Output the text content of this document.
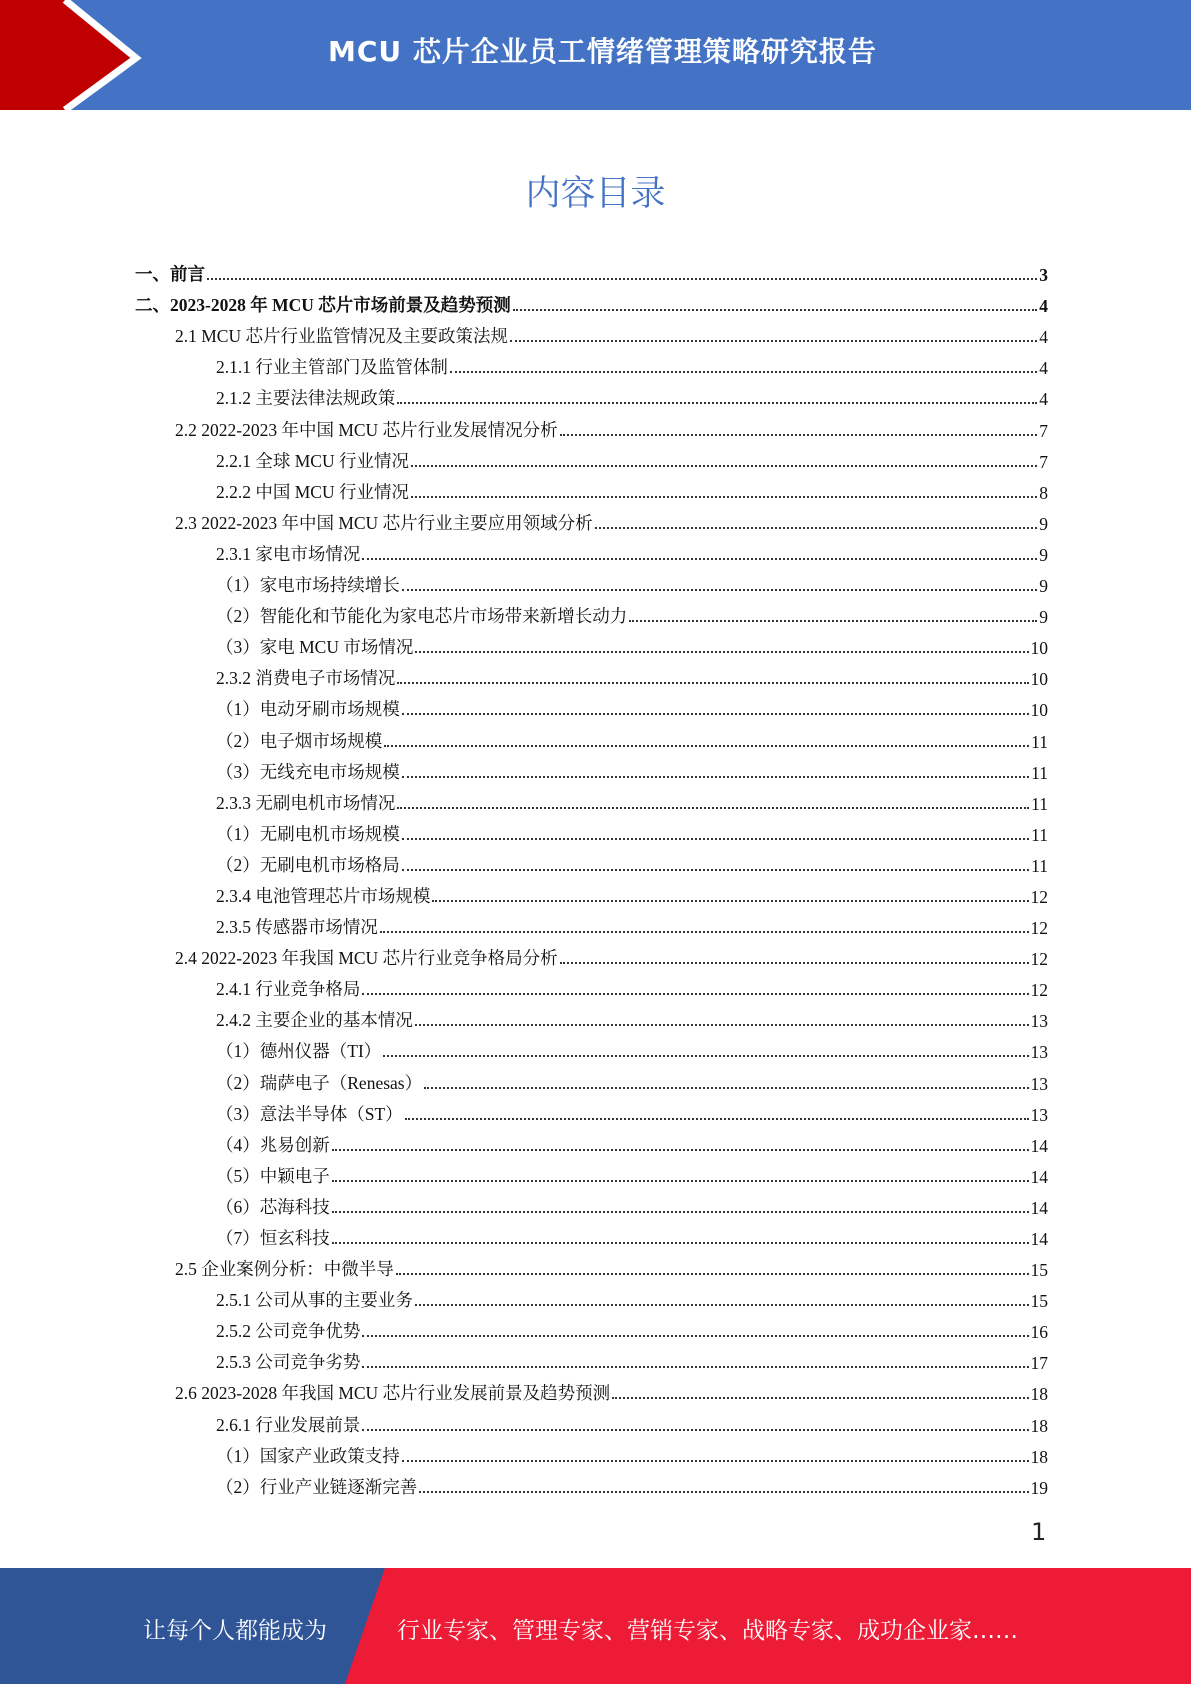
MCU 芯片企业员工情绪管理策略研究报告
内容目录
一、前言	3
二、2023-2028 年 MCU 芯片市场前景及趋势预测	4
2.1 MCU 芯片行业监管情况及主要政策法规	4
2.1.1 行业主管部门及监管体制	4
2.1.2 主要法律法规政策	4
2.2 2022-2023 年中国 MCU 芯片行业发展情况分析	7
2.2.1 全球 MCU 行业情况	7
2.2.2 中国 MCU 行业情况	8
2.3 2022-2023 年中国 MCU 芯片行业主要应用领域分析	9
2.3.1 家电市场情况	9
（1）家电市场持续增长	9
（2）智能化和节能化为家电芯片市场带来新增长动力	9
（3）家电 MCU 市场情况	10
2.3.2 消费电子市场情况	10
（1）电动牙刷市场规模	10
（2）电子烟市场规模	11
（3）无线充电市场规模	11
2.3.3 无刷电机市场情况	11
（1）无刷电机市场规模	11
（2）无刷电机市场格局	11
2.3.4 电池管理芯片市场规模	12
2.3.5 传感器市场情况	12
2.4 2022-2023 年我国 MCU 芯片行业竞争格局分析	12
2.4.1 行业竞争格局	12
2.4.2 主要企业的基本情况	13
（1）德州仪器（TI）	13
（2）瑞萨电子（Renesas）	13
（3）意法半导体（ST）	13
（4）兆易创新	14
（5）中颖电子	14
（6）芯海科技	14
（7）恒玄科技	14
2.5 企业案例分析：中微半导	15
2.5.1 公司从事的主要业务	15
2.5.2 公司竞争优势	16
2.5.3 公司竞争劣势	17
2.6 2023-2028 年我国 MCU 芯片行业发展前景及趋势预测	18
2.6.1 行业发展前景	18
（1）国家产业政策支持	18
（2）行业产业链逐渐完善	19
1
让每个人都能成为	行业专家、管理专家、营销专家、战略专家、成功企业家……
